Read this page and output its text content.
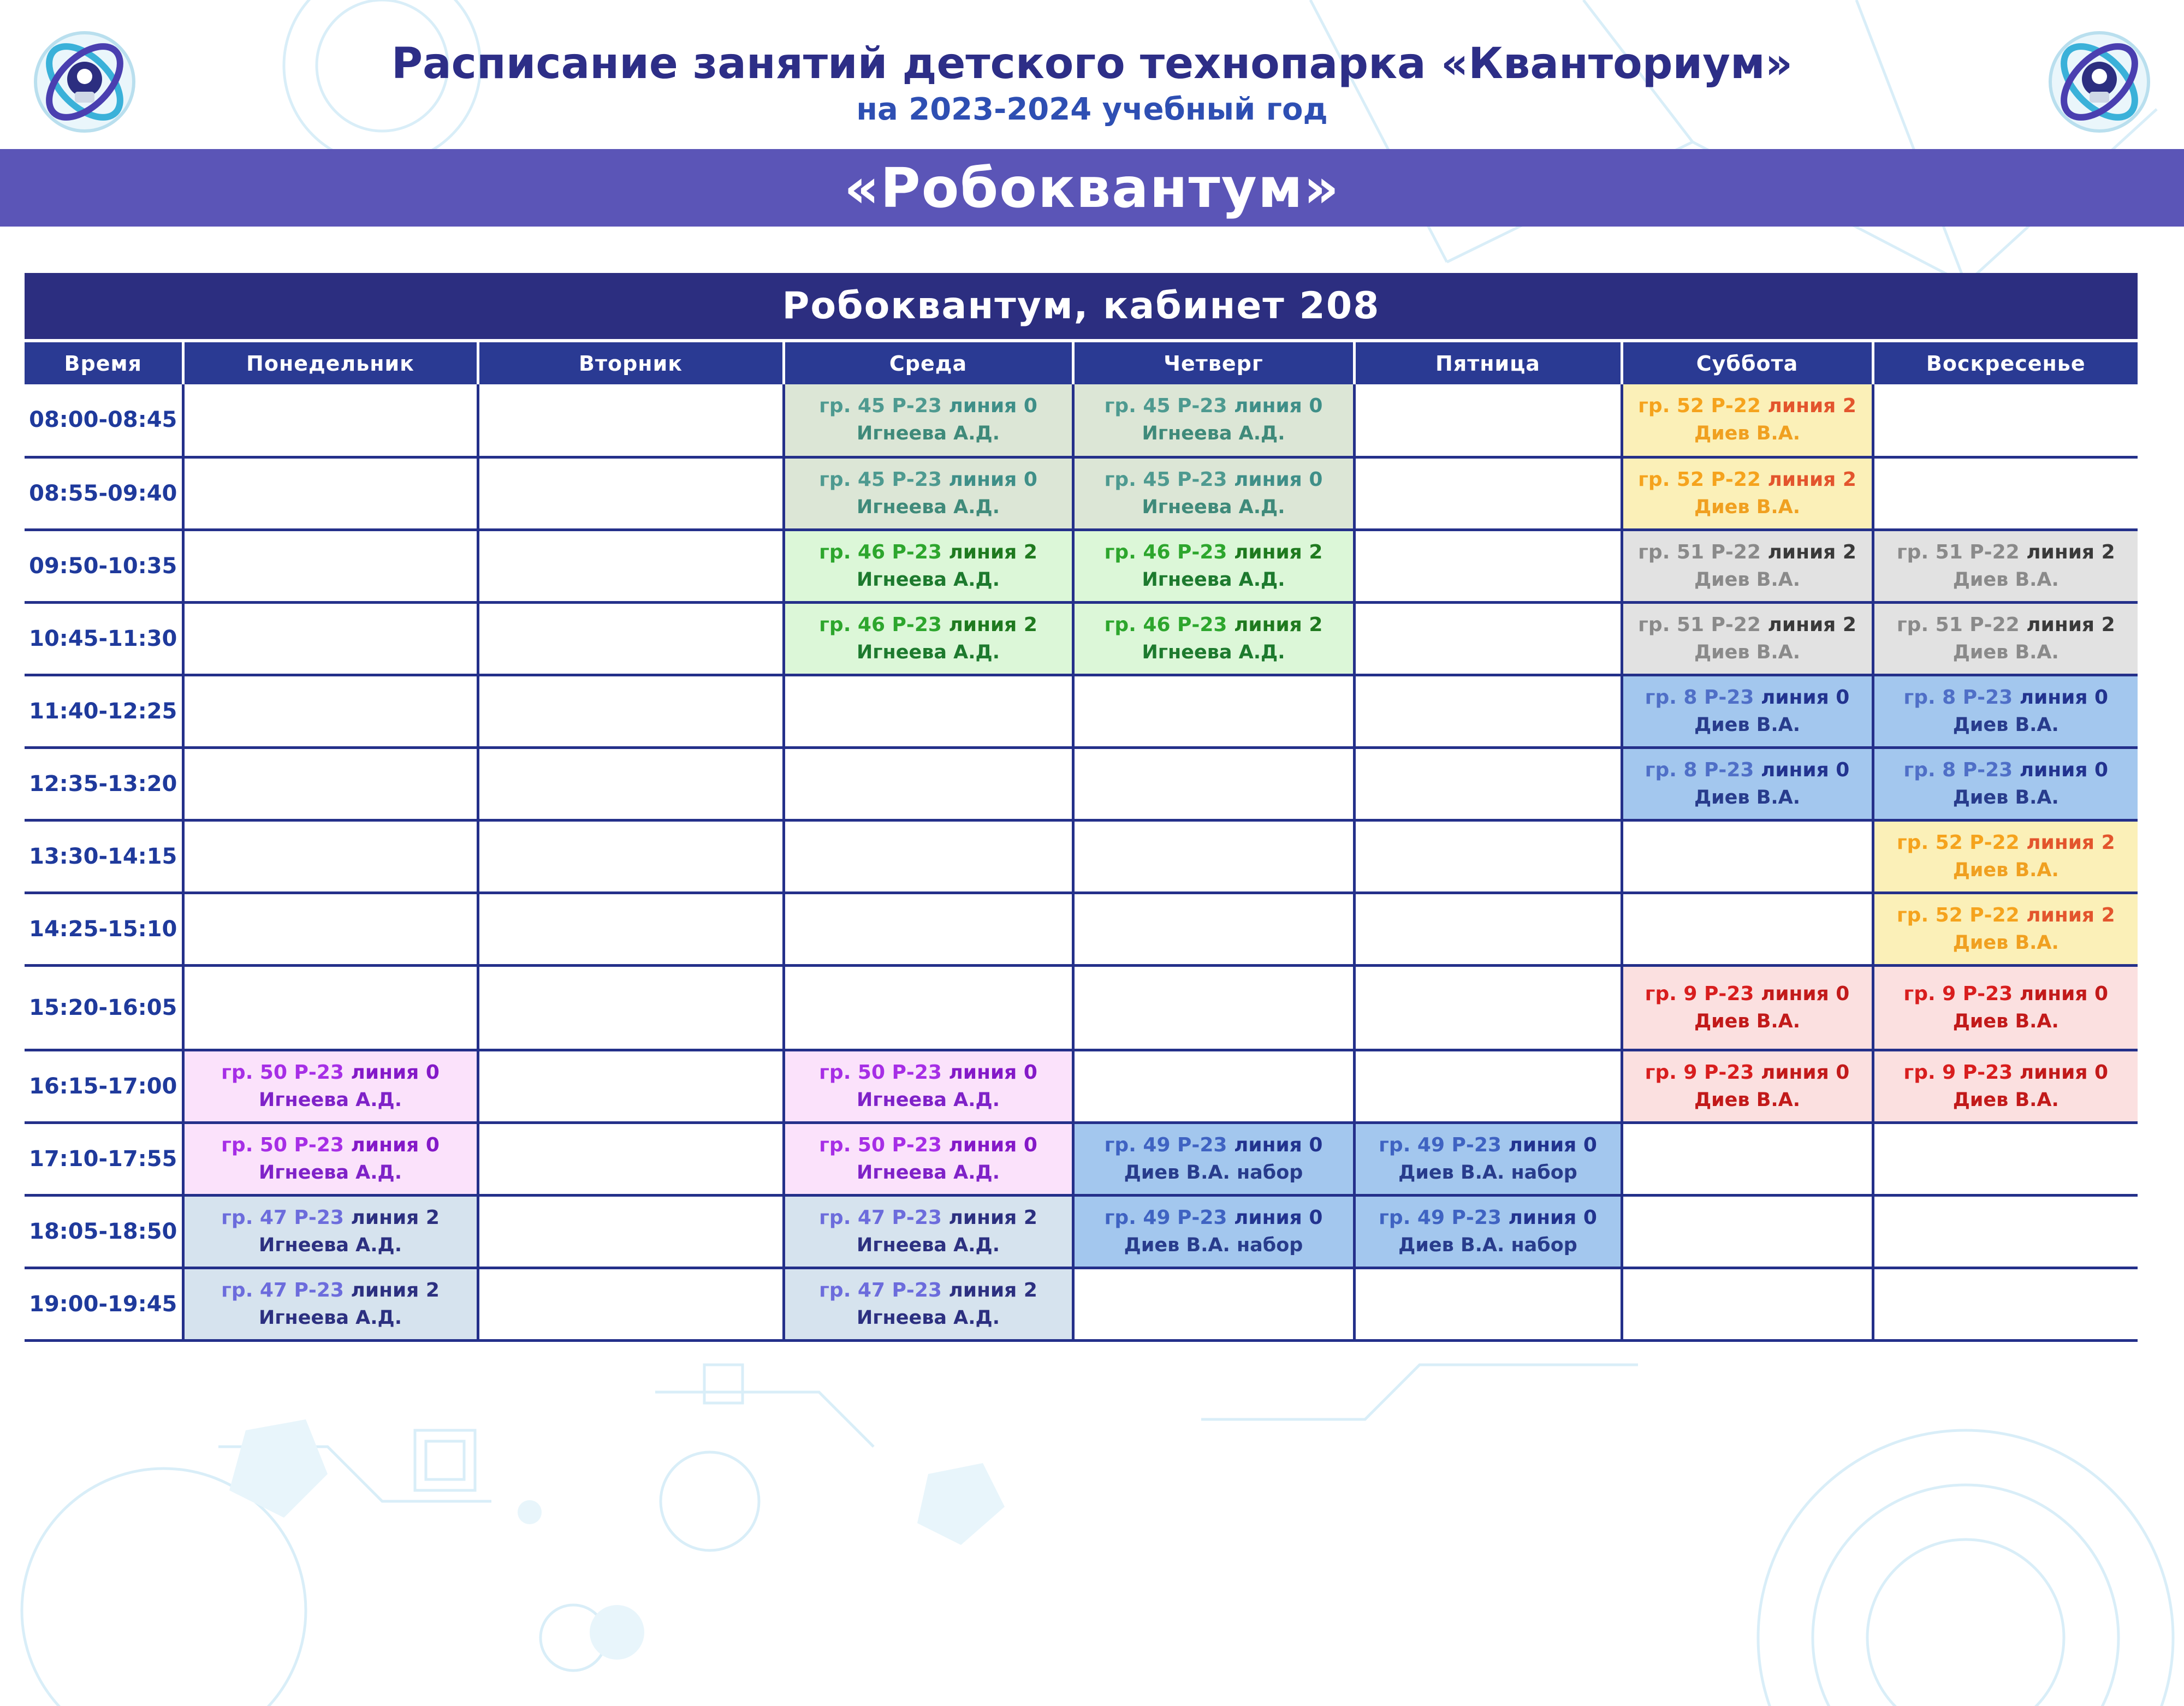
Расписание занятий детского технопарка «Кванториум»
на 2023-2024 учебный год
«Робоквантум»
Робоквантум, кабинет 208
Время	Понедельник	Вторник	Среда	Четверг	Пятница	Суббота	Воскресенье
08:00-08:45			гр. 45 Р-23 линия 0
Игнеева А.Д.	гр. 45 Р-23 линия 0
Игнеева А.Д.		гр. 52 Р-22 линия 2
Диев В.А.	

08:55-09:40			гр. 45 Р-23 линия 0
Игнеева А.Д.	гр. 45 Р-23 линия 0
Игнеева А.Д.		гр. 52 Р-22 линия 2
Диев В.А.	

09:50-10:35			гр. 46 Р-23 линия 2
Игнеева А.Д.	гр. 46 Р-23 линия 2
Игнеева А.Д.		гр. 51 Р-22 линия 2
Диев В.А.	гр. 51 Р-22 линия 2
Диев В.А.

10:45-11:30			гр. 46 Р-23 линия 2
Игнеева А.Д.	гр. 46 Р-23 линия 2
Игнеева А.Д.		гр. 51 Р-22 линия 2
Диев В.А.	гр. 51 Р-22 линия 2
Диев В.А.

11:40-12:25						гр. 8 Р-23 линия 0
Диев В.А.	гр. 8 Р-23 линия 0
Диев В.А.

12:35-13:20						гр. 8 Р-23 линия 0
Диев В.А.	гр. 8 Р-23 линия 0
Диев В.А.

13:30-14:15							гр. 52 Р-22 линия 2
Диев В.А.

14:25-15:10							гр. 52 Р-22 линия 2
Диев В.А.

15:20-16:05						гр. 9 Р-23 линия 0
Диев В.А.	гр. 9 Р-23 линия 0
Диев В.А.

16:15-17:00	гр. 50 Р-23 линия 0
Игнеева А.Д.		гр. 50 Р-23 линия 0
Игнеева А.Д.			гр. 9 Р-23 линия 0
Диев В.А.	гр. 9 Р-23 линия 0
Диев В.А.

17:10-17:55	гр. 50 Р-23 линия 0
Игнеева А.Д.		гр. 50 Р-23 линия 0
Игнеева А.Д.	гр. 49 Р-23 линия 0
Диев В.А. набор	гр. 49 Р-23 линия 0
Диев В.А. набор		

18:05-18:50	гр. 47 Р-23 линия 2
Игнеева А.Д.		гр. 47 Р-23 линия 2
Игнеева А.Д.	гр. 49 Р-23 линия 0
Диев В.А. набор	гр. 49 Р-23 линия 0
Диев В.А. набор		

19:00-19:45	гр. 47 Р-23 линия 2
Игнеева А.Д.		гр. 47 Р-23 линия 2
Игнеева А.Д.				
